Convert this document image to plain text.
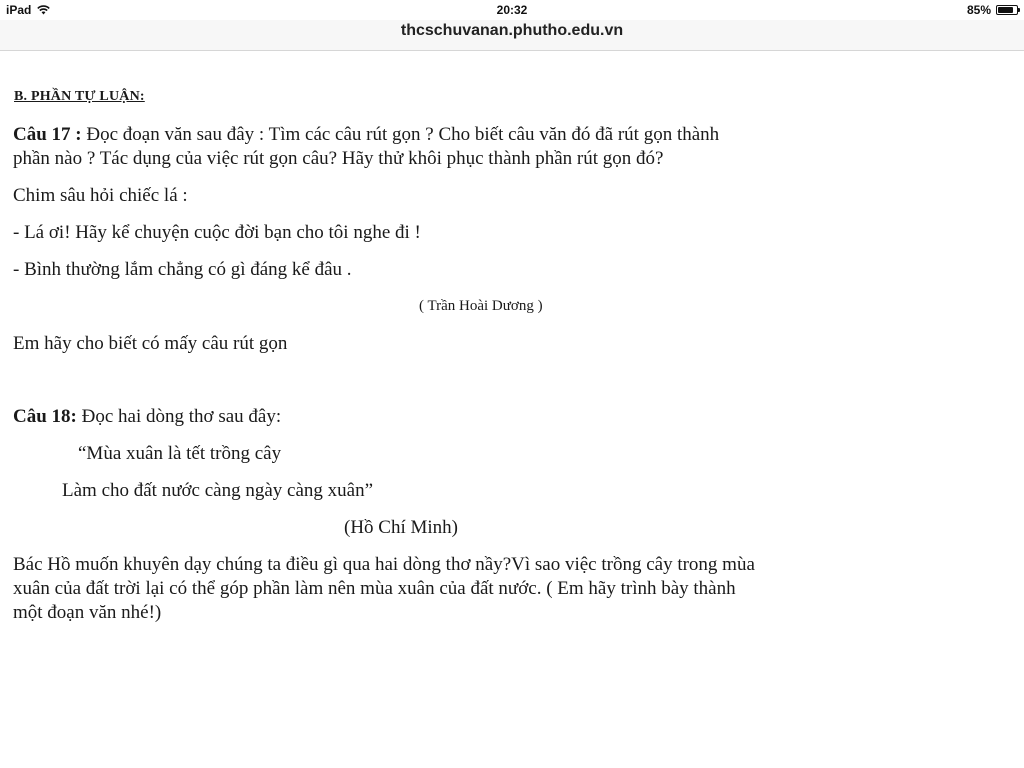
iPad	20:32	85%
thcschuvanan.phutho.edu.vn
B. PHẦN TỰ LUẬN:
Câu 17 : Đọc đoạn văn sau đây : Tìm các câu rút gọn ? Cho biết câu văn đó đã rút gọn thành
phần nào ? Tác dụng của việc rút gọn câu? Hãy thử khôi phục thành phần rút gọn đó?
Chim sâu hỏi chiếc lá :
- Lá ơi! Hãy kể chuyện cuộc đời bạn cho tôi nghe đi !
- Bình thường lắm chẳng có gì đáng kể đâu .
( Trần Hoài Dương )
Em hãy cho biết có mấy câu rút gọn
Câu 18: Đọc hai dòng thơ sau đây:
“Mùa xuân là tết trồng cây
Làm cho đất nước càng ngày càng xuân”
(Hồ Chí Minh)
Bác Hồ muốn khuyên dạy chúng ta điều gì qua hai dòng thơ nầy?Vì sao việc trồng cây trong mùa
xuân của đất trời lại có thể góp phần làm nên mùa xuân của đất nước. ( Em hãy trình bày thành
một đoạn văn nhé!)
